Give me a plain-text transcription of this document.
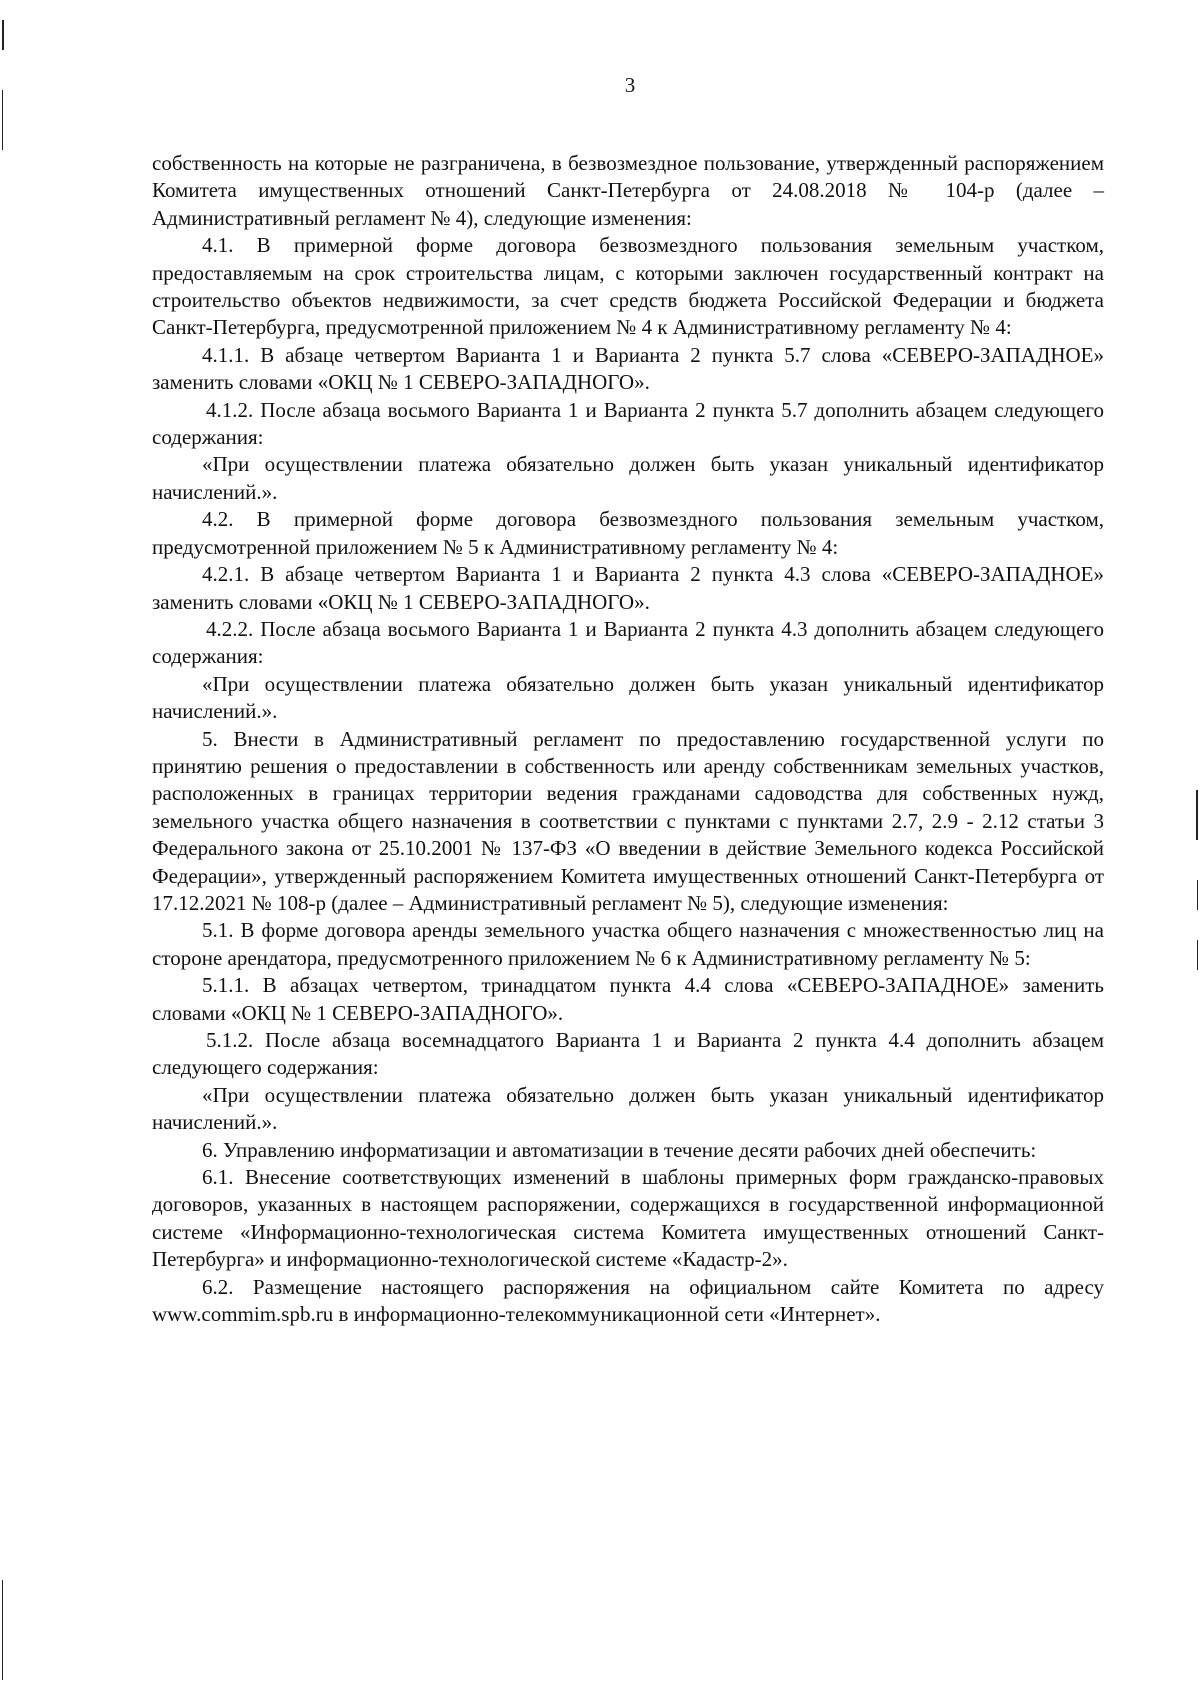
3

собственность на которые не разграничена, в безвозмездное пользование, утвержденный распоряжением Комитета имущественных отношений Санкт-Петербурга от 24.08.2018 № 104-р (далее – Административный регламент № 4), следующие изменения:

4.1. В примерной форме договора безвозмездного пользования земельным участком, предоставляемым на срок строительства лицам, с которыми заключен государственный контракт на строительство объектов недвижимости, за счет средств бюджета Российской Федерации и бюджета Санкт-Петербурга, предусмотренной приложением № 4 к Административному регламенту № 4:

4.1.1. В абзаце четвертом Варианта 1 и Варианта 2 пункта 5.7 слова «СЕВЕРО-ЗАПАДНОЕ» заменить словами «ОКЦ № 1 СЕВЕРО-ЗАПАДНОГО».

4.1.2. После абзаца восьмого Варианта 1 и Варианта 2 пункта 5.7 дополнить абзацем следующего содержания:

«При осуществлении платежа обязательно должен быть указан уникальный идентификатор начислений.».

4.2. В примерной форме договора безвозмездного пользования земельным участком, предусмотренной приложением № 5 к Административному регламенту № 4:

4.2.1. В абзаце четвертом Варианта 1 и Варианта 2 пункта 4.3 слова «СЕВЕРО-ЗАПАДНОЕ» заменить словами «ОКЦ № 1 СЕВЕРО-ЗАПАДНОГО».

4.2.2. После абзаца восьмого Варианта 1 и Варианта 2 пункта 4.3 дополнить абзацем следующего содержания:

«При осуществлении платежа обязательно должен быть указан уникальный идентификатор начислений.».

5. Внести в Административный регламент по предоставлению государственной услуги по принятию решения о предоставлении в собственность или аренду собственникам земельных участков, расположенных в границах территории ведения гражданами садоводства для собственных нужд, земельного участка общего назначения в соответствии с пунктами с пунктами 2.7, 2.9 - 2.12 статьи 3 Федерального закона от 25.10.2001 № 137-ФЗ «О введении в действие Земельного кодекса Российской Федерации», утвержденный распоряжением Комитета имущественных отношений Санкт-Петербурга от 17.12.2021 № 108-р (далее – Административный регламент № 5), следующие изменения:

5.1. В форме договора аренды земельного участка общего назначения с множественностью лиц на стороне арендатора, предусмотренного приложением № 6 к Административному регламенту № 5:

5.1.1. В абзацах четвертом, тринадцатом пункта 4.4 слова «СЕВЕРО-ЗАПАДНОЕ» заменить словами «ОКЦ № 1 СЕВЕРО-ЗАПАДНОГО».

5.1.2. После абзаца восемнадцатого Варианта 1 и Варианта 2 пункта 4.4 дополнить абзацем следующего содержания:

«При осуществлении платежа обязательно должен быть указан уникальный идентификатор начислений.».

6. Управлению информатизации и автоматизации в течение десяти рабочих дней обеспечить:

6.1. Внесение соответствующих изменений в шаблоны примерных форм гражданско-правовых договоров, указанных в настоящем распоряжении, содержащихся в государственной информационной системе «Информационно-технологическая система Комитета имущественных отношений Санкт-Петербурга» и информационно-технологической системе «Кадастр-2».

6.2. Размещение настоящего распоряжения на официальном сайте Комитета по адресу www.commim.spb.ru в информационно-телекоммуникационной сети «Интернет».
